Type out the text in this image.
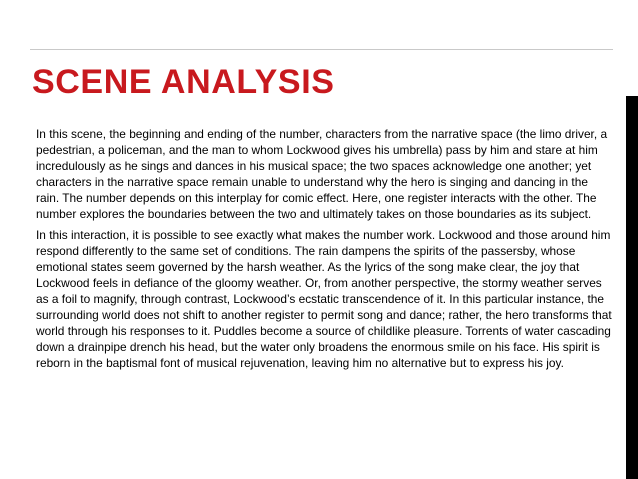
SCENE ANALYSIS

In this scene, the beginning and ending of the number, characters from the narrative space (the limo driver, a pedestrian, a policeman, and the man to whom Lockwood gives his umbrella) pass by him and stare at him incredulously as he sings and dances in his musical space; the two spaces acknowledge one another; yet characters in the narrative space remain unable to understand why the hero is singing and dancing in the rain. The number depends on this interplay for comic effect. Here, one register interacts with the other. The number explores the boundaries between the two and ultimately takes on those boundaries as its subject.

In this interaction, it is possible to see exactly what makes the number work. Lockwood and those around him respond differently to the same set of conditions. The rain dampens the spirits of the passersby, whose emotional states seem governed by the harsh weather. As the lyrics of the song make clear, the joy that Lockwood feels in defiance of the gloomy weather. Or, from another perspective, the stormy weather serves as a foil to magnify, through contrast, Lockwood’s ecstatic transcendence of it. In this particular instance, the surrounding world does not shift to another register to permit song and dance; rather, the hero transforms that world through his responses to it. Puddles become a source of childlike pleasure. Torrents of water cascading down a drainpipe drench his head, but the water only broadens the enormous smile on his face. His spirit is reborn in the baptismal font of musical rejuvenation, leaving him no alternative but to express his joy.
